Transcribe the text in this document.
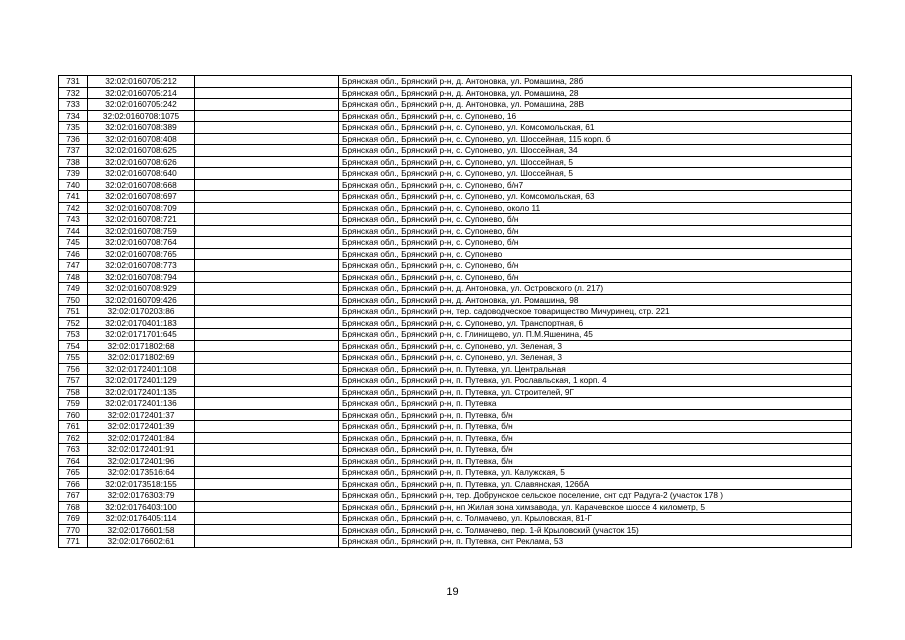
731	32:02:0160705:212		Брянская обл., Брянский р-н, д. Антоновка, ул. Ромашина, 28б
732	32:02:0160705:214		Брянская обл., Брянский р-н, д. Антоновка, ул. Ромашина, 28
733	32:02:0160705:242		Брянская обл., Брянский р-н, д. Антоновка, ул. Ромашина, 28В
734	32:02:0160708:1075		Брянская обл., Брянский р-н, с. Супонево, 16
735	32:02:0160708:389		Брянская обл., Брянский р-н, с. Супонево, ул. Комсомольская, 61
736	32:02:0160708:408		Брянская обл., Брянский р-н, с. Супонево, ул. Шоссейная, 115 корп. б
737	32:02:0160708:625		Брянская обл., Брянский р-н, с. Супонево, ул. Шоссейная, 34
738	32:02:0160708:626		Брянская обл., Брянский р-н, с. Супонево, ул. Шоссейная, 5
739	32:02:0160708:640		Брянская обл., Брянский р-н, с. Супонево, ул. Шоссейная, 5
740	32:02:0160708:668		Брянская обл., Брянский р-н, с. Супонево, б/н7
741	32:02:0160708:697		Брянская обл., Брянский р-н, с. Супонево, ул. Комсомольская, 63
742	32:02:0160708:709		Брянская обл., Брянский р-н, с. Супонево, около 11
743	32:02:0160708:721		Брянская обл., Брянский р-н, с. Супонево, б/н
744	32:02:0160708:759		Брянская обл., Брянский р-н, с. Супонево, б/н
745	32:02:0160708:764		Брянская обл., Брянский р-н, с. Супонево, б/н
746	32:02:0160708:765		Брянская обл., Брянский р-н, с. Супонево
747	32:02:0160708:773		Брянская обл., Брянский р-н, с. Супонево, б/н
748	32:02:0160708:794		Брянская обл., Брянский р-н, с. Супонево, б/н
749	32:02:0160708:929		Брянская обл., Брянский р-н, д. Антоновка, ул. Островского (л. 217)
750	32:02:0160709:426		Брянская обл., Брянский р-н, д. Антоновка, ул. Ромашина, 98
751	32:02:0170203:86		Брянская обл., Брянский р-н, тер. садоводческое товарищество Мичуринец, стр. 221
752	32:02:0170401:183		Брянская обл., Брянский р-н, с. Супонево, ул. Транспортная, 6
753	32:02:0171701:645		Брянская обл., Брянский р-н, с. Глинищево, ул. П.М.Яшенина, 45
754	32:02:0171802:68		Брянская обл., Брянский р-н, с. Супонево, ул. Зеленая, 3
755	32:02:0171802:69		Брянская обл., Брянский р-н, с. Супонево, ул. Зеленая, 3
756	32:02:0172401:108		Брянская обл., Брянский р-н, п. Путевка, ул. Центральная
757	32:02:0172401:129		Брянская обл., Брянский р-н, п. Путевка, ул. Рославльская, 1 корп. 4
758	32:02:0172401:135		Брянская обл., Брянский р-н, п. Путевка, ул. Строителей, 9Г
759	32:02:0172401:136		Брянская обл., Брянский р-н, п. Путевка
760	32:02:0172401:37		Брянская обл., Брянский р-н, п. Путевка, б/н
761	32:02:0172401:39		Брянская обл., Брянский р-н, п. Путевка, б/н
762	32:02:0172401:84		Брянская обл., Брянский р-н, п. Путевка, б/н
763	32:02:0172401:91		Брянская обл., Брянский р-н, п. Путевка, б/н
764	32:02:0172401:96		Брянская обл., Брянский р-н, п. Путевка, б/н
765	32:02:0173516:64		Брянская обл., Брянский р-н, п. Путевка, ул. Калужская, 5
766	32:02:0173518:155		Брянская обл., Брянский р-н, п. Путевка, ул. Славянская, 126бА
767	32:02:0176303:79		Брянская обл., Брянский р-н, тер. Добрунское сельское поселение, снт сдт Радуга-2 (участок 178 )
768	32:02:0176403:100		Брянская обл., Брянский р-н, нп Жилая зона химзавода, ул. Карачевское шоссе 4 километр, 5
769	32:02:0176405:114		Брянская обл., Брянский р-н, с. Толмачево, ул. Крыловская, 81-Г
770	32:02:0176601:58		Брянская обл., Брянский р-н, с. Толмачево, пер. 1-й Крыловский (участок 15)
771	32:02:0176602:61		Брянская обл., Брянский р-н, п. Путевка, снт Реклама, 53
19
